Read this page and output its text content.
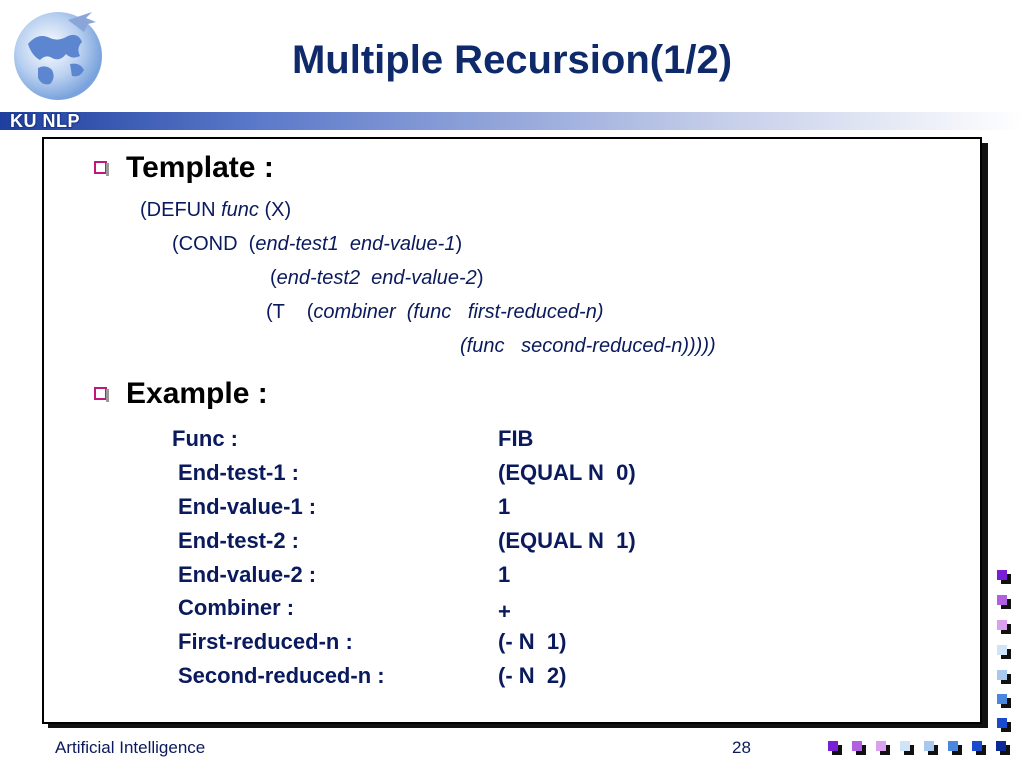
KU NLP
Multiple Recursion(1/2)
Template :
(DEFUN func (X)
(COND  (end-test1  end-value-1)
(end-test2  end-value-2)
(T    (combiner  (func   first-reduced-n)
(func   second-reduced-n)))))
Example :
Func :	FIB
End-test-1 :	(EQUAL N  0)
End-value-1 :	1
End-test-2 :	(EQUAL N  1)
End-value-2 :	1
Combiner :	+
First-reduced-n :	(- N  1)
Second-reduced-n :	(- N  2)
Artificial Intelligence	28
